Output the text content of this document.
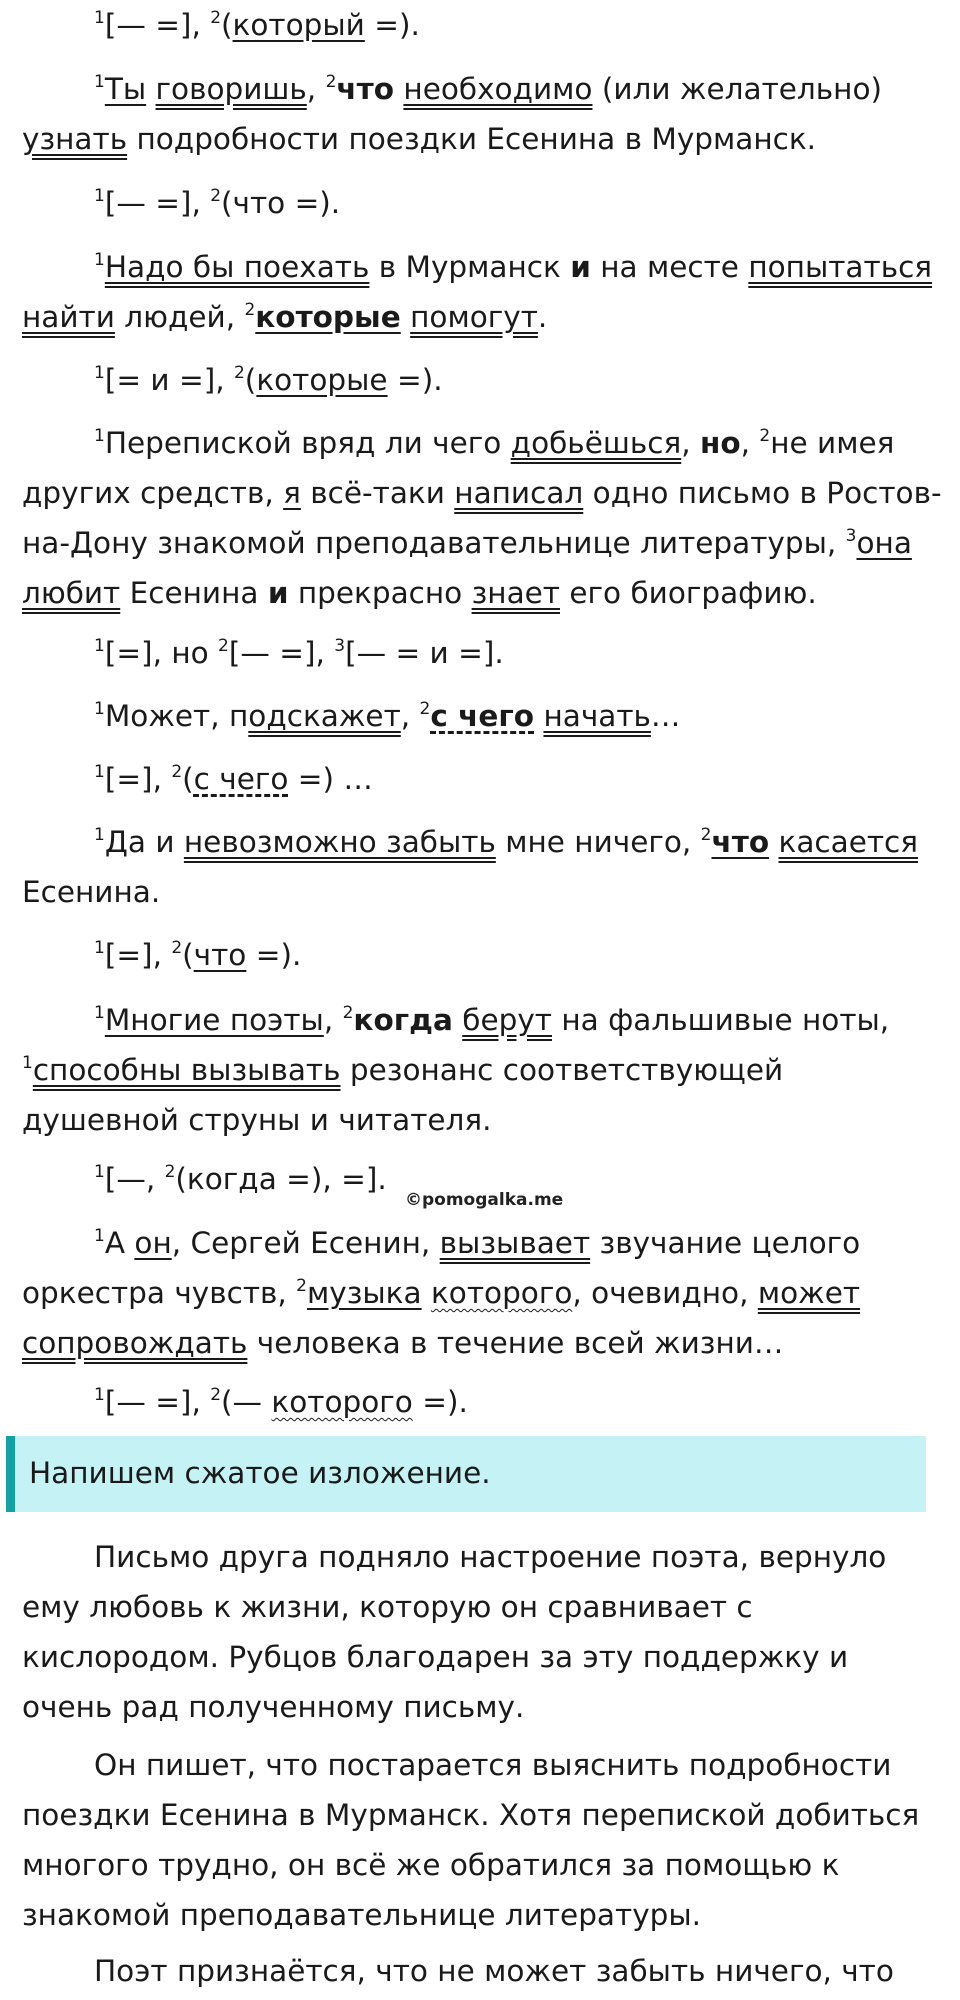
$^1$[— =], $^2$(который =).

$^1$Ты говоришь, $^2$что необходимо (или желательно) узнать подробности поездки Есенина в Мурманск.

$^1$[— =], $^2$(что =).

$^1$Надо бы поехать в Мурманск и на месте попытаться найти людей, $^2$которые помогут.

$^1$[= и =], $^2$(которые =).

$^1$Перепиской вряд ли чего добьёшься, но, $^2$не имея других средств, я всё-таки написал одно письмо в Ростов-на-Дону знакомой преподавательнице литературы, $^3$она любит Есенина и прекрасно знает его биографию.

$^1$[=], но $^2$[— =], $^3$[— = и =].

$^1$Может, подскажет, $^2$с чего начать…

$^1$[=], $^2$(с чего =) …

$^1$Да и невозможно забыть мне ничего, $^2$что касается Есенина.

$^1$[=], $^2$(что =).

$^1$Многие поэты, $^2$когда берут на фальшивые ноты, $^1$способны вызывать резонанс соответствующей душевной струны и читателя.

$^1$[—, $^2$(когда =), =].

©pomogalka.me

$^1$А он, Сергей Есенин, вызывает звучание целого оркестра чувств, $^2$музыка которого, очевидно, может сопровождать человека в течение всей жизни…

$^1$[— =], $^2$(— которого =).

Напишем сжатое изложение.

Письмо друга подняло настроение поэта, вернуло ему любовь к жизни, которую он сравнивает с кислородом. Рубцов благодарен за эту поддержку и очень рад полученному письму.

Он пишет, что постарается выяснить подробности поездки Есенина в Мурманск. Хотя перепиской добиться многого трудно, он всё же обратился за помощью к знакомой преподавательнице литературы.

Поэт признаётся, что не может забыть ничего, что
